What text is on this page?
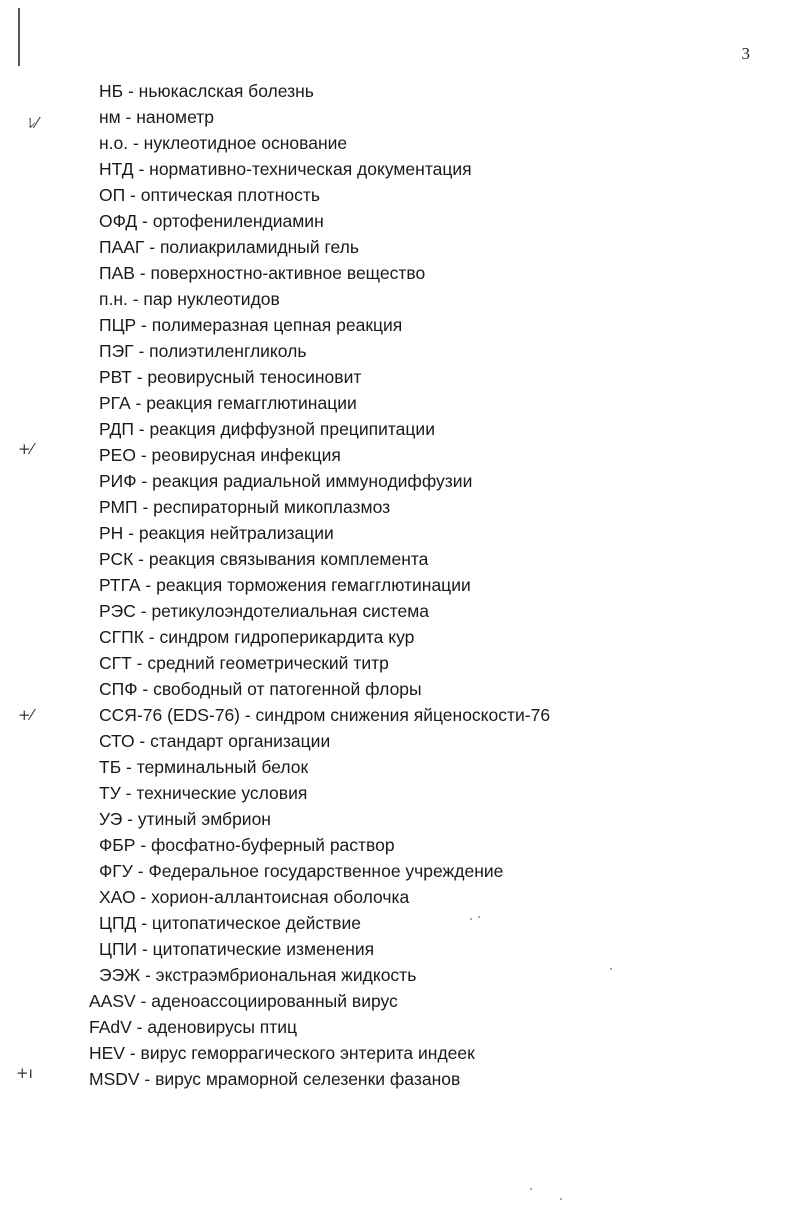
3
ﾚ⁄
+⁄
+⁄
+ı
НБ - ньюкаслская болезнь
нм - нанометр
н.о. - нуклеотидное основание
НТД - нормативно-техническая документация
ОП - оптическая плотность
ОФД - ортофенилендиамин
ПААГ - полиакриламидный гель
ПАВ - поверхностно-активное вещество
п.н. - пар нуклеотидов
ПЦР - полимеразная цепная реакция
ПЭГ - полиэтиленгликоль
РВТ - реовирусный теносиновит
РГА - реакция гемагглютинации
РДП - реакция диффузной преципитации
РЕО - реовирусная инфекция
РИФ - реакция радиальной иммунодиффузии
РМП - респираторный микоплазмоз
РН - реакция нейтрализации
РСК - реакция связывания комплемента
РТГА - реакция торможения гемагглютинации
РЭС - ретикулоэндотелиальная система
СГПК - синдром гидроперикардита кур
СГТ - средний геометрический титр
СПФ - свободный от патогенной флоры
ССЯ-76 (EDS-76) - синдром снижения яйценоскости-76
СТО - стандарт организации
ТБ - терминальный белок
ТУ - технические условия
УЭ - утиный эмбрион
ФБР - фосфатно-буферный раствор
ФГУ - Федеральное государственное учреждение
ХАО - хорион-аллантоисная оболочка
ЦПД - цитопатическое действие
ЦПИ - цитопатические изменения
ЭЭЖ - экстраэмбриональная жидкость
AASV - аденоассоциированный вирус
FAdV - аденовирусы птиц
HEV - вирус геморрагического энтерита индеек
MSDV - вирус мраморной селезенки фазанов
